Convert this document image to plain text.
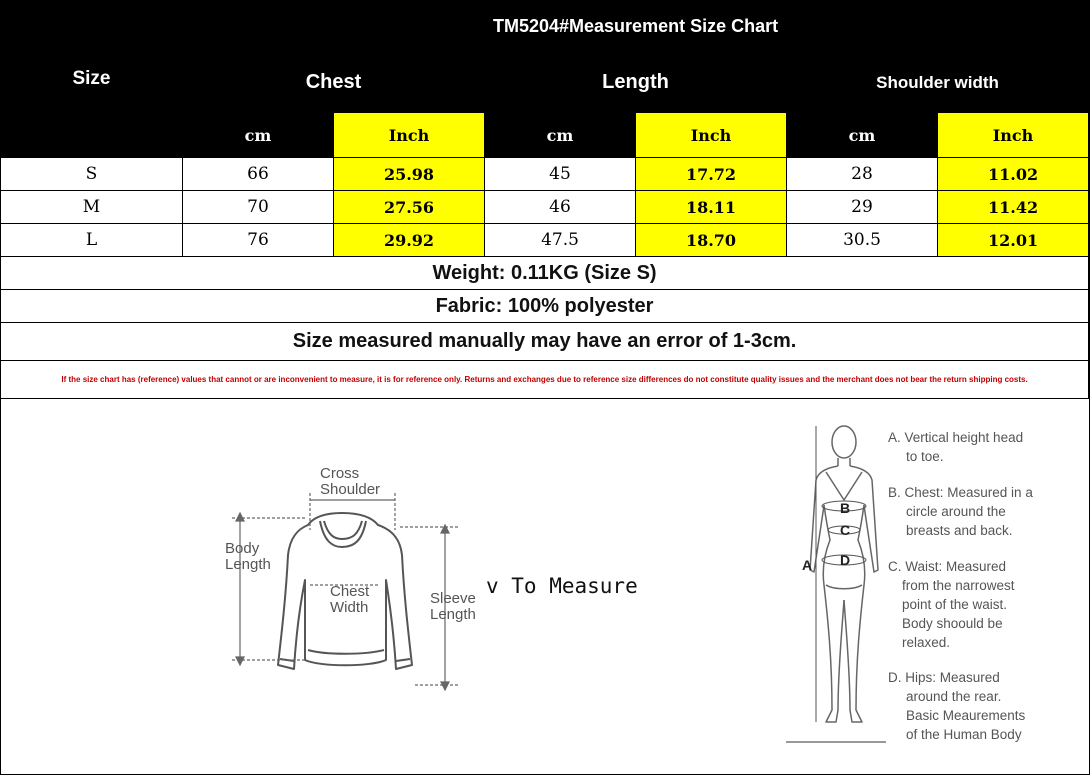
Size	TM5204#Measurement Size Chart					
	Chest		Length		Shoulder width	
	cm	Inch	cm	Inch	cm	Inch
S	66	25.98	45	17.72	28	11.02
M	70	27.56	46	18.11	29	11.42
L	76	29.92	47.5	18.70	30.5	12.01
Weight: 0.11KG (Size S)						
Fabric: 100% polyester						
Size measured manually may have an error of 1-3cm.						
If the size chart has (reference) values that cannot or are inconvenient to measure, it is for reference only. Returns and exchanges due to reference size differences do not constitute quality issues and the merchant does not bear the return shipping costs.						
Cross
Shoulder
Body
Length
Chest
Width
Sleeve
Length
v To Measure
A
B
C
D

A. Vertical height head

to toe.

B. Chest: Measured in a

circle around the

breasts and back.

C. Waist: Measured

from the narrowest

point of the waist.

Body shoould be

relaxed.

D. Hips: Measured

around the rear.

Basic Meaurements

of the Human Body
